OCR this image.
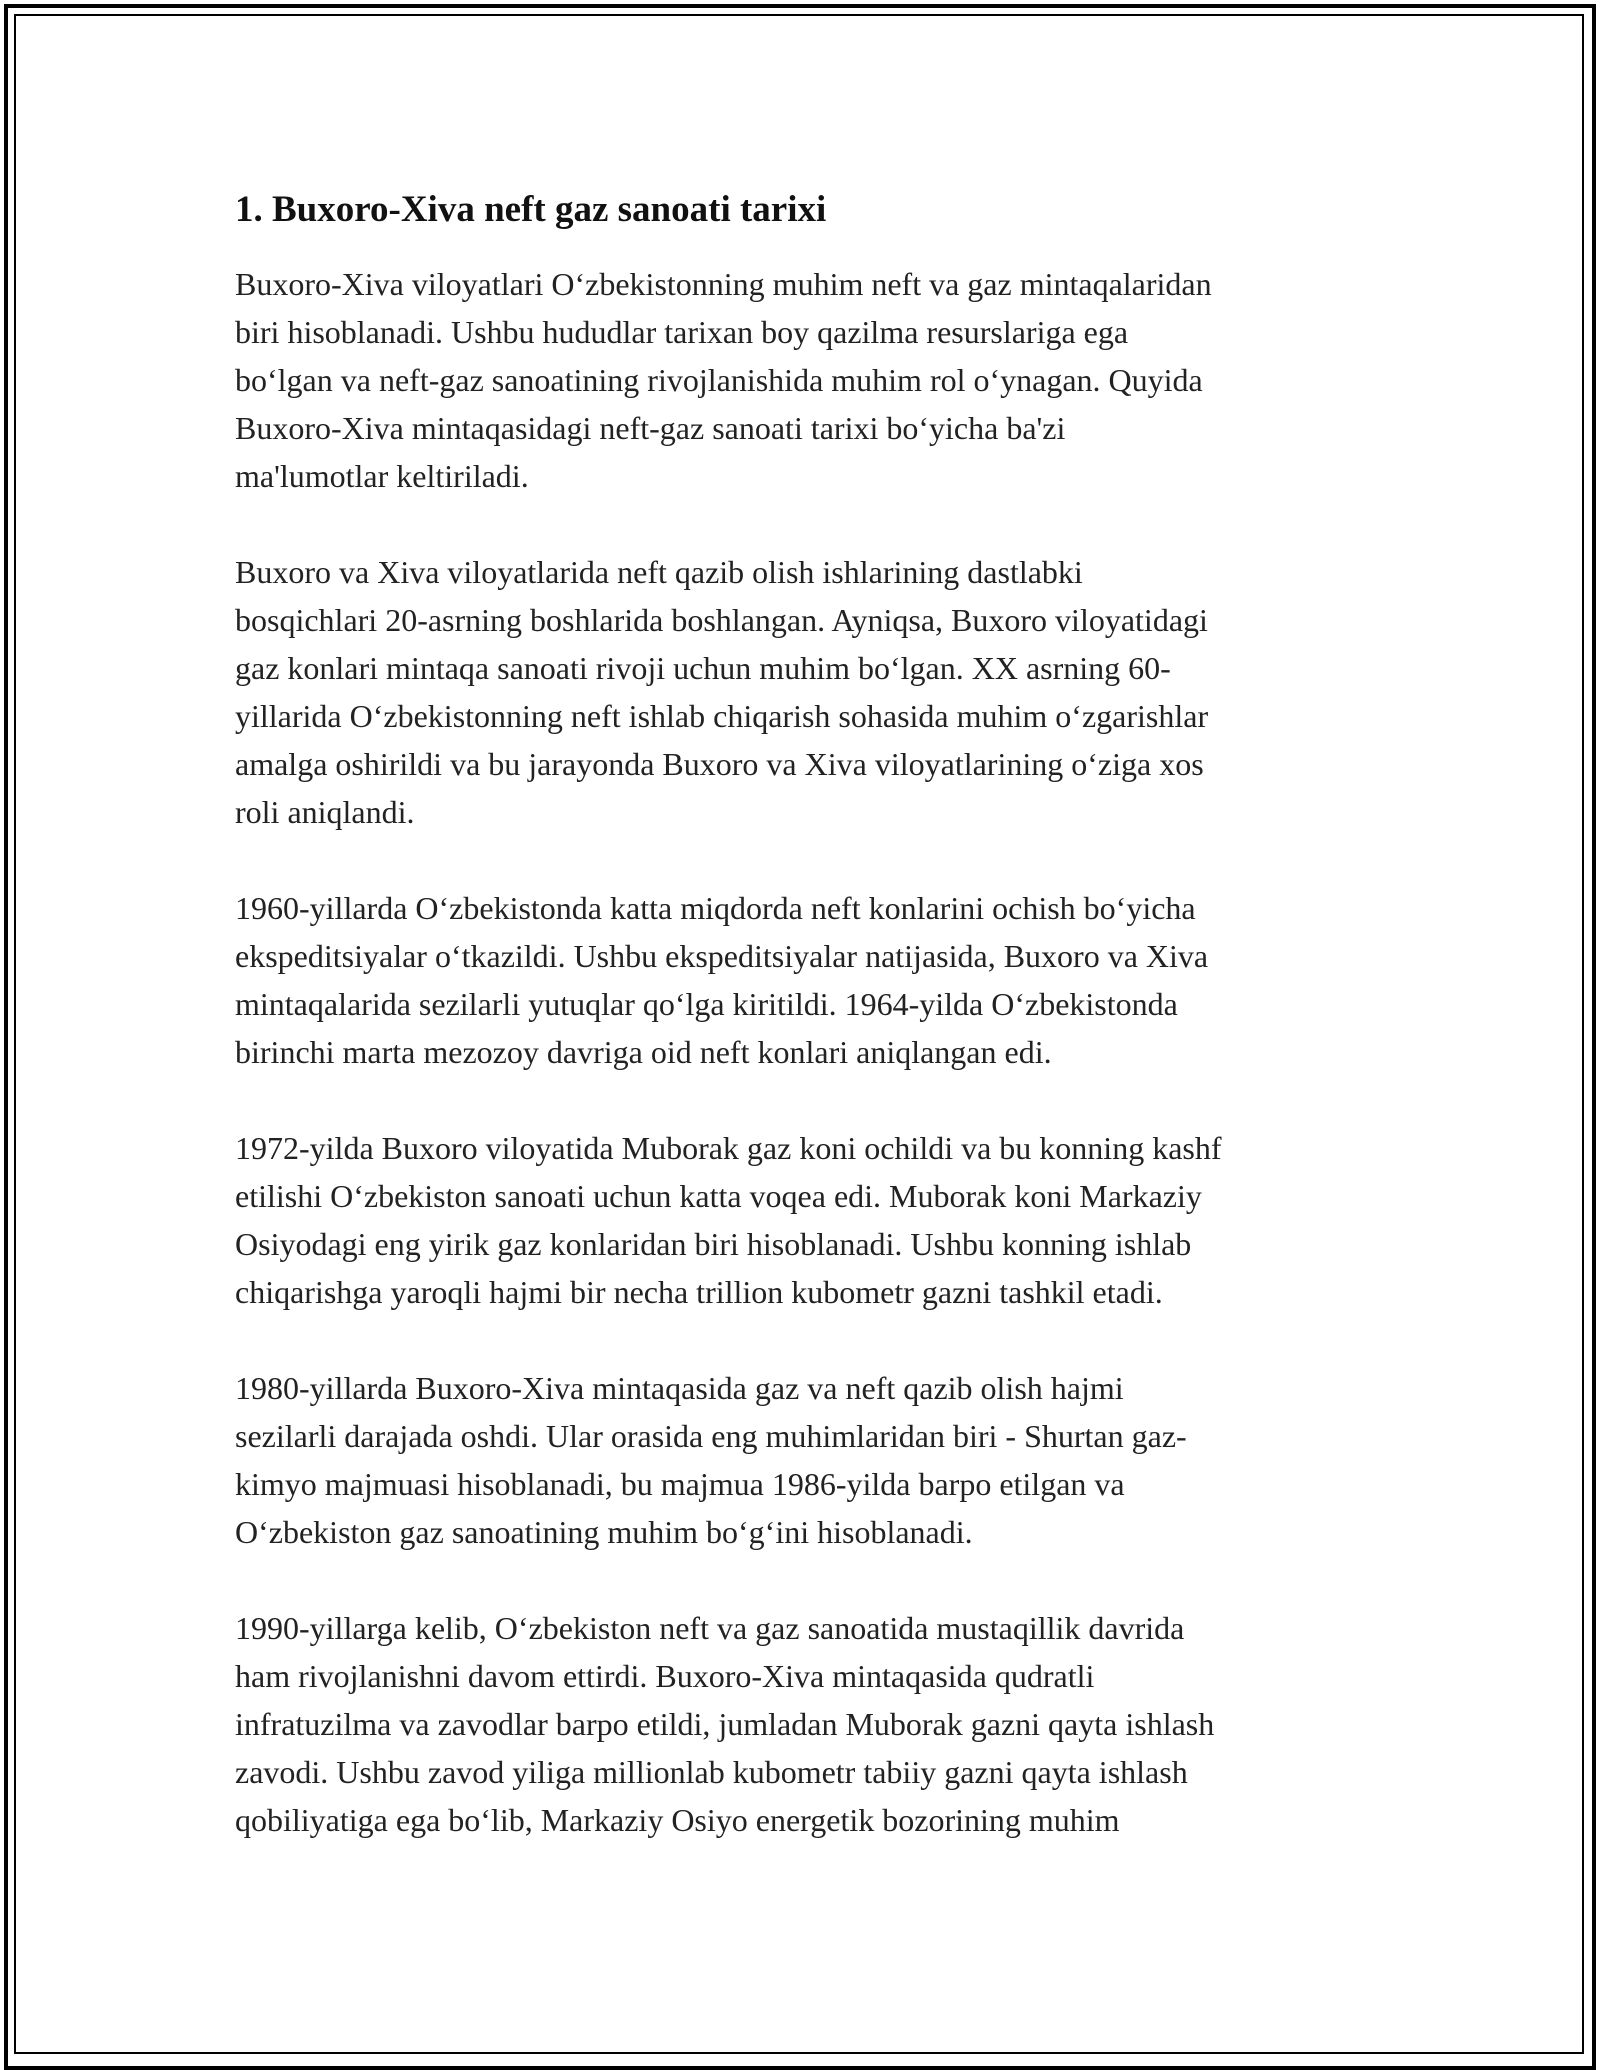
1. Buxoro-Xiva neft gaz sanoati tarixi

Buxoro-Xiva viloyatlari O‘zbekistonning muhim neft va gaz mintaqalaridan
biri hisoblanadi. Ushbu hududlar tarixan boy qazilma resurslariga ega
bo‘lgan va neft-gaz sanoatining rivojlanishida muhim rol o‘ynagan. Quyida
Buxoro-Xiva mintaqasidagi neft-gaz sanoati tarixi bo‘yicha ba'zi
ma'lumotlar keltiriladi.

Buxoro va Xiva viloyatlarida neft qazib olish ishlarining dastlabki
bosqichlari 20-asrning boshlarida boshlangan. Ayniqsa, Buxoro viloyatidagi
gaz konlari mintaqa sanoati rivoji uchun muhim bo‘lgan. XX asrning 60-
yillarida O‘zbekistonning neft ishlab chiqarish sohasida muhim o‘zgarishlar
amalga oshirildi va bu jarayonda Buxoro va Xiva viloyatlarining o‘ziga xos
roli aniqlandi.

1960-yillarda O‘zbekistonda katta miqdorda neft konlarini ochish bo‘yicha
ekspeditsiyalar o‘tkazildi. Ushbu ekspeditsiyalar natijasida, Buxoro va Xiva
mintaqalarida sezilarli yutuqlar qo‘lga kiritildi. 1964-yilda O‘zbekistonda
birinchi marta mezozoy davriga oid neft konlari aniqlangan edi.

1972-yilda Buxoro viloyatida Muborak gaz koni ochildi va bu konning kashf
etilishi O‘zbekiston sanoati uchun katta voqea edi. Muborak koni Markaziy
Osiyodagi eng yirik gaz konlaridan biri hisoblanadi. Ushbu konning ishlab
chiqarishga yaroqli hajmi bir necha trillion kubometr gazni tashkil etadi.

1980-yillarda Buxoro-Xiva mintaqasida gaz va neft qazib olish hajmi
sezilarli darajada oshdi. Ular orasida eng muhimlaridan biri - Shurtan gaz-
kimyo majmuasi hisoblanadi, bu majmua 1986-yilda barpo etilgan va
O‘zbekiston gaz sanoatining muhim bo‘g‘ini hisoblanadi.

1990-yillarga kelib, O‘zbekiston neft va gaz sanoatida mustaqillik davrida
ham rivojlanishni davom ettirdi. Buxoro-Xiva mintaqasida qudratli
infratuzilma va zavodlar barpo etildi, jumladan Muborak gazni qayta ishlash
zavodi. Ushbu zavod yiliga millionlab kubometr tabiiy gazni qayta ishlash
qobiliyatiga ega bo‘lib, Markaziy Osiyo energetik bozorining muhim
